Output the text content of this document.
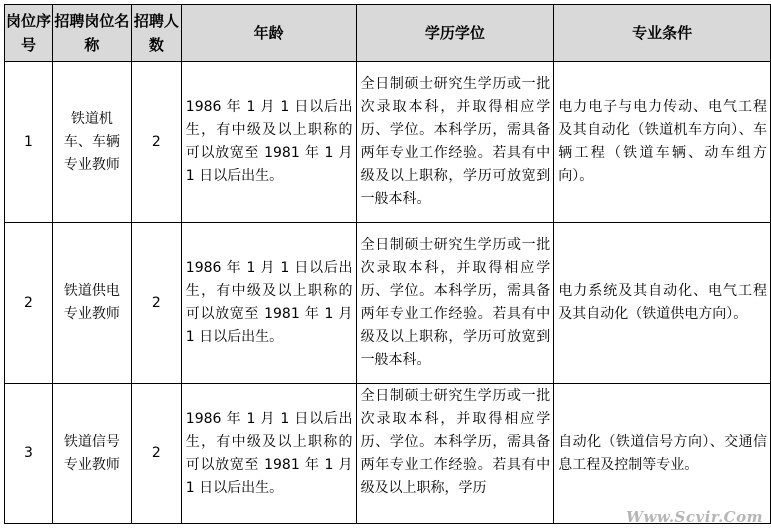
岗位序号	招聘岗位名称	招聘人数	年龄	学历学位	专业条件
1	铁道机车、车辆专业教师	2	1986 年 1 月 1 日以后出生，有中级及以上职称的可以放宽至 1981 年 1 月 1 日以后出生。	全日制硕士研究生学历或一批次录取本科，并取得相应学历、学位。本科学历，需具备两年专业工作经验。若具有中级及以上职称，学历可放宽到一般本科。	电力电子与电力传动、电气工程及其自动化（铁道机车方向）、车辆工程（铁道车辆、动车组方向）。
2	铁道供电专业教师	2	1986 年 1 月 1 日以后出生，有中级及以上职称的可以放宽至 1981 年 1 月 1 日以后出生。	全日制硕士研究生学历或一批次录取本科，并取得相应学历、学位。本科学历，需具备两年专业工作经验。若具有中级及以上职称，学历可放宽到一般本科。	电力系统及其自动化、电气工程及其自动化（铁道供电方向）。
3	铁道信号专业教师	2	1986 年 1 月 1 日以后出生，有中级及以上职称的可以放宽至 1981 年 1 月 1 日以后出生。	全日制硕士研究生学历或一批次录取本科，并取得相应学历、学位。本科学历，需具备两年专业工作经验。若具有中级及以上职称，学历	自动化（铁道信号方向）、交通信息工程及控制等专业。
Www.Scvir.Com
